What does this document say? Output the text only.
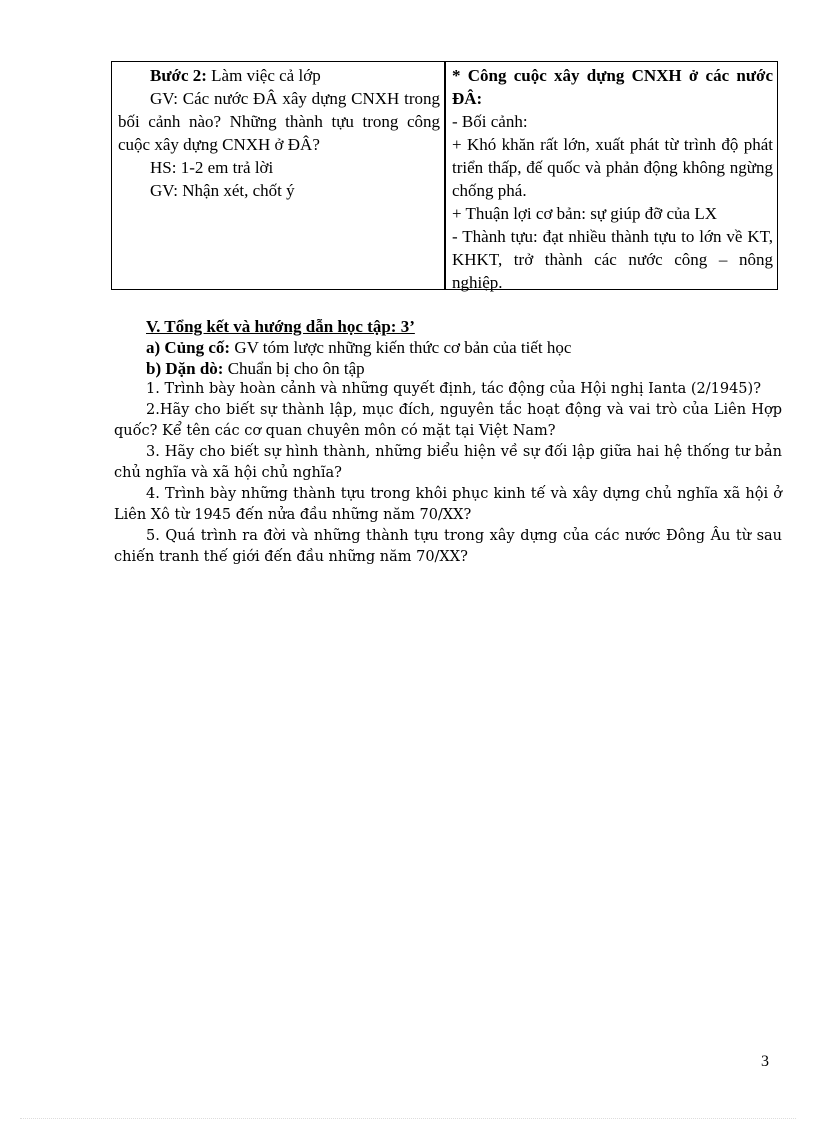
Bước 2: Làm việc cả lớp
GV: Các nước ĐÂ xây dựng CNXH trong bối cảnh nào? Những thành tựu trong công cuộc xây dựng CNXH ở ĐÂ?
HS: 1-2 em trả lời
GV: Nhận xét, chốt ý
* Công cuộc xây dựng CNXH ở các nước ĐÂ:
- Bối cảnh:
+ Khó khăn rất lớn, xuất phát từ trình độ phát triển thấp, đế quốc và phản động không ngừng chống phá.
+ Thuận lợi cơ bản: sự giúp đỡ của LX
- Thành tựu: đạt nhiều thành tựu to lớn về KT, KHKT, trở thành các nước công – nông nghiệp.
V. Tổng kết và hướng dẫn học tập: 3’
a) Củng cố: GV tóm lược những kiến thức cơ bản của tiết học
b) Dặn dò: Chuẩn bị cho ôn tập

1. Trình bày hoàn cảnh và những quyết định, tác động của Hội nghị Ianta (2/1945)?

2.Hãy cho biết sự thành lập, mục đích, nguyên tắc hoạt động và vai trò của Liên Hợp quốc? Kể tên các cơ quan chuyên môn có mặt tại Việt Nam?

3. Hãy cho biết sự hình thành, những biểu hiện về sự đối lập giữa hai hệ thống tư bản chủ nghĩa và xã hội chủ nghĩa?

4. Trình bày những thành tựu trong khôi phục kinh tế và xây dựng chủ nghĩa xã hội ở Liên Xô từ 1945 đến nửa đầu những năm 70/XX?

5. Quá trình ra đời và những thành tựu trong xây dựng của các nước Đông Âu từ sau chiến tranh thế giới đến đầu những năm 70/XX?

3
